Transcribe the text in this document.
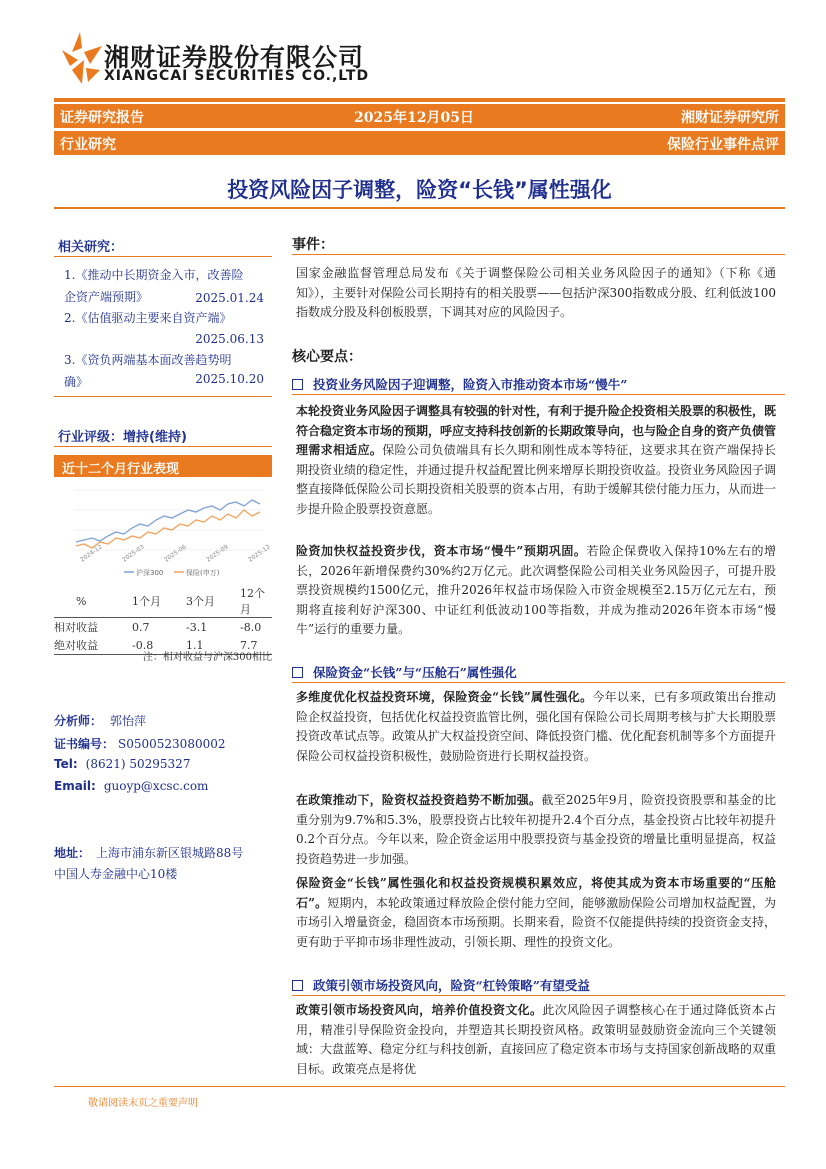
湘财证券股份有限公司
XIANGCAI SECURITIES CO.,LTD
证券研究报告	2025年12月05日	湘财证券研究所
行业研究	保险行业事件点评
投资风险因子调整，险资“长钱”属性强化
相关研究：
1.《推动中长期资金入市，改善险
企资产端预期》	2025.01.24
2.《估值驱动主要来自资产端》
2025.06.13
3.《资负两端基本面改善趋势明
确》	2025.10.20
行业评级：增持(维持)
近十二个月行业表现
2024-12	2025-03	2025-06	2025-09	2025-12
沪深300	保险(申万)
%	1个月	3个月	12个月
相对收益	0.7	-3.1	-8.0
绝对收益	-0.8	1.1	7.7
注：相对收益与沪深300相比
分析师： 郭怡萍
证书编号： S0500523080002
Tel: (8621) 50295327
Email: guoyp@xcsc.com
地址： 上海市浦东新区银城路88号
中国人寿金融中心10楼
事件：
国家金融监督管理总局发布《关于调整保险公司相关业务风险因子的通知》（下称《通知》），主要针对保险公司长期持有的相关股票——包括沪深300指数成分股、红利低波100指数成分股及科创板股票，下调其对应的风险因子。
核心要点：
投资业务风险因子迎调整，险资入市推动资本市场“慢牛”
本轮投资业务风险因子调整具有较强的针对性，有利于提升险企投资相关股票的积极性，既符合稳定资本市场的预期，呼应支持科技创新的长期政策导向，也与险企自身的资产负债管理需求相适应。保险公司负债端具有长久期和刚性成本等特征，这要求其在资产端保持长期投资业绩的稳定性，并通过提升权益配置比例来增厚长期投资收益。投资业务风险因子调整直接降低保险公司长期投资相关股票的资本占用，有助于缓解其偿付能力压力，从而进一步提升险企股票投资意愿。
险资加快权益投资步伐，资本市场“慢牛”预期巩固。若险企保费收入保持10%左右的增长，2026年新增保费约30%约2万亿元。此次调整保险公司相关业务风险因子，可提升股票投资规模约1500亿元，推升2026年权益市场保险入市资金规模至2.15万亿元左右，预期将直接利好沪深300、中证红利低波动100等指数，并成为推动2026年资本市场“慢牛”运行的重要力量。
保险资金“长钱”与“压舱石”属性强化
多维度优化权益投资环境，保险资金“长钱”属性强化。今年以来，已有多项政策出台推动险企权益投资，包括优化权益投资监管比例，强化国有保险公司长周期考核与扩大长期股票投资改革试点等。政策从扩大权益投资空间、降低投资门槛、优化配套机制等多个方面提升保险公司权益投资积极性，鼓励险资进行长期权益投资。
在政策推动下，险资权益投资趋势不断加强。截至2025年9月，险资投资股票和基金的比重分别为9.7%和5.3%，股票投资占比较年初提升2.4个百分点，基金投资占比较年初提升0.2个百分点。今年以来，险企资金运用中股票投资与基金投资的增量比重明显提高，权益投资趋势进一步加强。
保险资金“长钱”属性强化和权益投资规模积累效应，将使其成为资本市场重要的“压舱石”。短期内，本轮政策通过释放险企偿付能力空间，能够激励保险公司增加权益配置，为市场引入增量资金，稳固资本市场预期。长期来看，险资不仅能提供持续的投资资金支持，更有助于平抑市场非理性波动，引领长期、理性的投资文化。
政策引领市场投资风向，险资“杠铃策略”有望受益
政策引领市场投资风向，培养价值投资文化。此次风险因子调整核心在于通过降低资本占用，精准引导保险资金投向，并塑造其长期投资风格。政策明显鼓励资金流向三个关键领域：大盘蓝筹、稳定分红与科技创新，直接回应了稳定资本市场与支持国家创新战略的双重目标。政策亮点是将优
敬请阅读末页之重要声明
